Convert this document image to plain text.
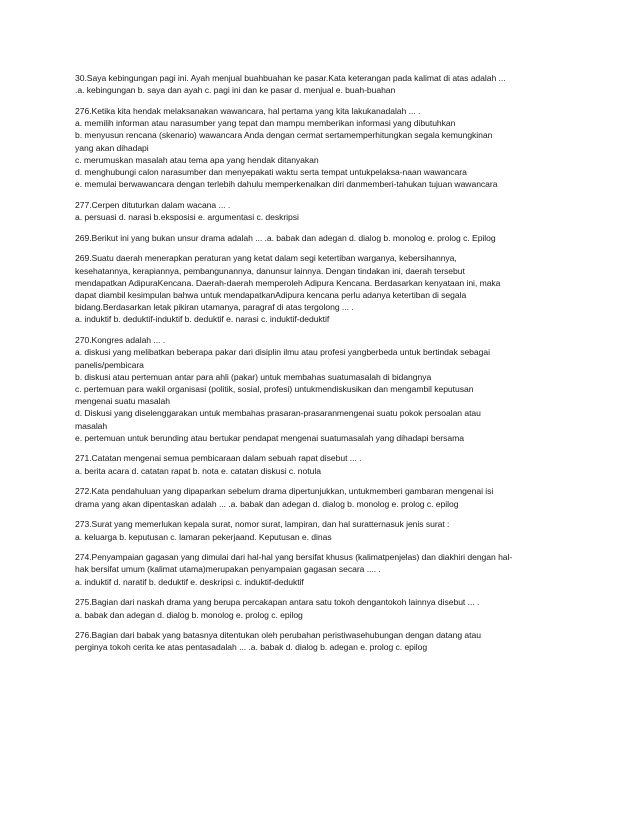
30.Saya kebingungan pagi ini. Ayah menjual buahbuahan ke pasar.Kata keterangan pada kalimat di atas adalah ...
.a. kebingungan b. saya dan ayah c. pagi ini dan ke pasar d. menjual e. buah-buahan
276.Ketika kita hendak melaksanakan wawancara, hal pertama yang kita lakukanadalah ... .
a. memilih informan atau narasumber yang tepat dan mampu memberikan informasi yang dibutuhkan
b. menyusun rencana (skenario) wawancara Anda dengan cermat sertamemperhitungkan segala kemungkinan
yang akan dihadapi
c. merumuskan masalah atau tema apa yang hendak ditanyakan
d. menghubungi calon narasumber dan menyepakati waktu serta tempat untukpelaksa-naan wawancara
e. memulai berwawancara dengan terlebih dahulu memperkenalkan diri danmemberi-tahukan tujuan wawancara
277.Cerpen dituturkan dalam wacana ... .
a. persuasi d. narasi b.eksposisi e. argumentasi c. deskripsi
269.Berikut ini yang bukan unsur drama adalah ... .a. babak dan adegan d. dialog b. monolog e. prolog c. Epilog
269.Suatu daerah menerapkan peraturan yang ketat dalam segi ketertiban warganya, kebersihannya,
kesehatannya, kerapiannya, pembangunannya, danunsur lainnya. Dengan tindakan ini, daerah tersebut
mendapatkan AdipuraKencana. Daerah-daerah memperoleh Adipura Kencana. Berdasarkan kenyataan ini, maka
dapat diambil kesimpulan bahwa untuk mendapatkanAdipura kencana perlu adanya ketertiban di segala
bidang.Berdasarkan letak pikiran utamanya, paragraf di atas tergolong ... .
a. induktif b. deduktif-induktif b. deduktif e. narasi c. induktif-deduktif
270.Kongres adalah ... .
a. diskusi yang melibatkan beberapa pakar dari disiplin ilmu atau profesi yangberbeda untuk bertindak sebagai
panelis/pembicara
b. diskusi atau pertemuan antar para ahli (pakar) untuk membahas suatumasalah di bidangnya
c. pertemuan para wakil organisasi (politik, sosial, profesi) untukmendiskusikan dan mengambil keputusan
mengenai suatu masalah
d. Diskusi yang diselenggarakan untuk membahas prasaran-prasaranmengenai suatu pokok persoalan atau
masalah
e. pertemuan untuk berunding atau bertukar pendapat mengenai suatumasalah yang dihadapi bersama
271.Catatan mengenai semua pembicaraan dalam sebuah rapat disebut ... .
a. berita acara d. catatan rapat b. nota e. catatan diskusi c. notula
272.Kata pendahuluan yang dipaparkan sebelum drama dipertunjukkan, untukmemberi gambaran mengenai isi
drama yang akan dipentaskan adalah ... .a. babak dan adegan d. dialog b. monolog e. prolog c. epilog
273.Surat yang memerlukan kepala surat, nomor surat, lampiran, dan hal suratternasuk jenis surat :
a. keluarga b. keputusan c. lamaran pekerjaand. Keputusan e. dinas
274.Penyampaian gagasan yang dimulai dari hal-hal yang bersifat khusus (kalimatpenjelas) dan diakhiri dengan hal-
hak bersifat umum (kalimat utama)merupakan penyampaian gagasan secara .... .
a. induktif d. naratif b. deduktif e. deskripsi c. induktif-deduktif
275.Bagian dari naskah drama yang berupa percakapan antara satu tokoh dengantokoh lainnya disebut ... .
a. babak dan adegan d. dialog b. monolog e. prolog c. epilog
276.Bagian dari babak yang batasnya ditentukan oleh perubahan peristiwasehubungan dengan datang atau
perginya tokoh cerita ke atas pentasadalah ... .a. babak d. dialog b. adegan e. prolog c. epilog
